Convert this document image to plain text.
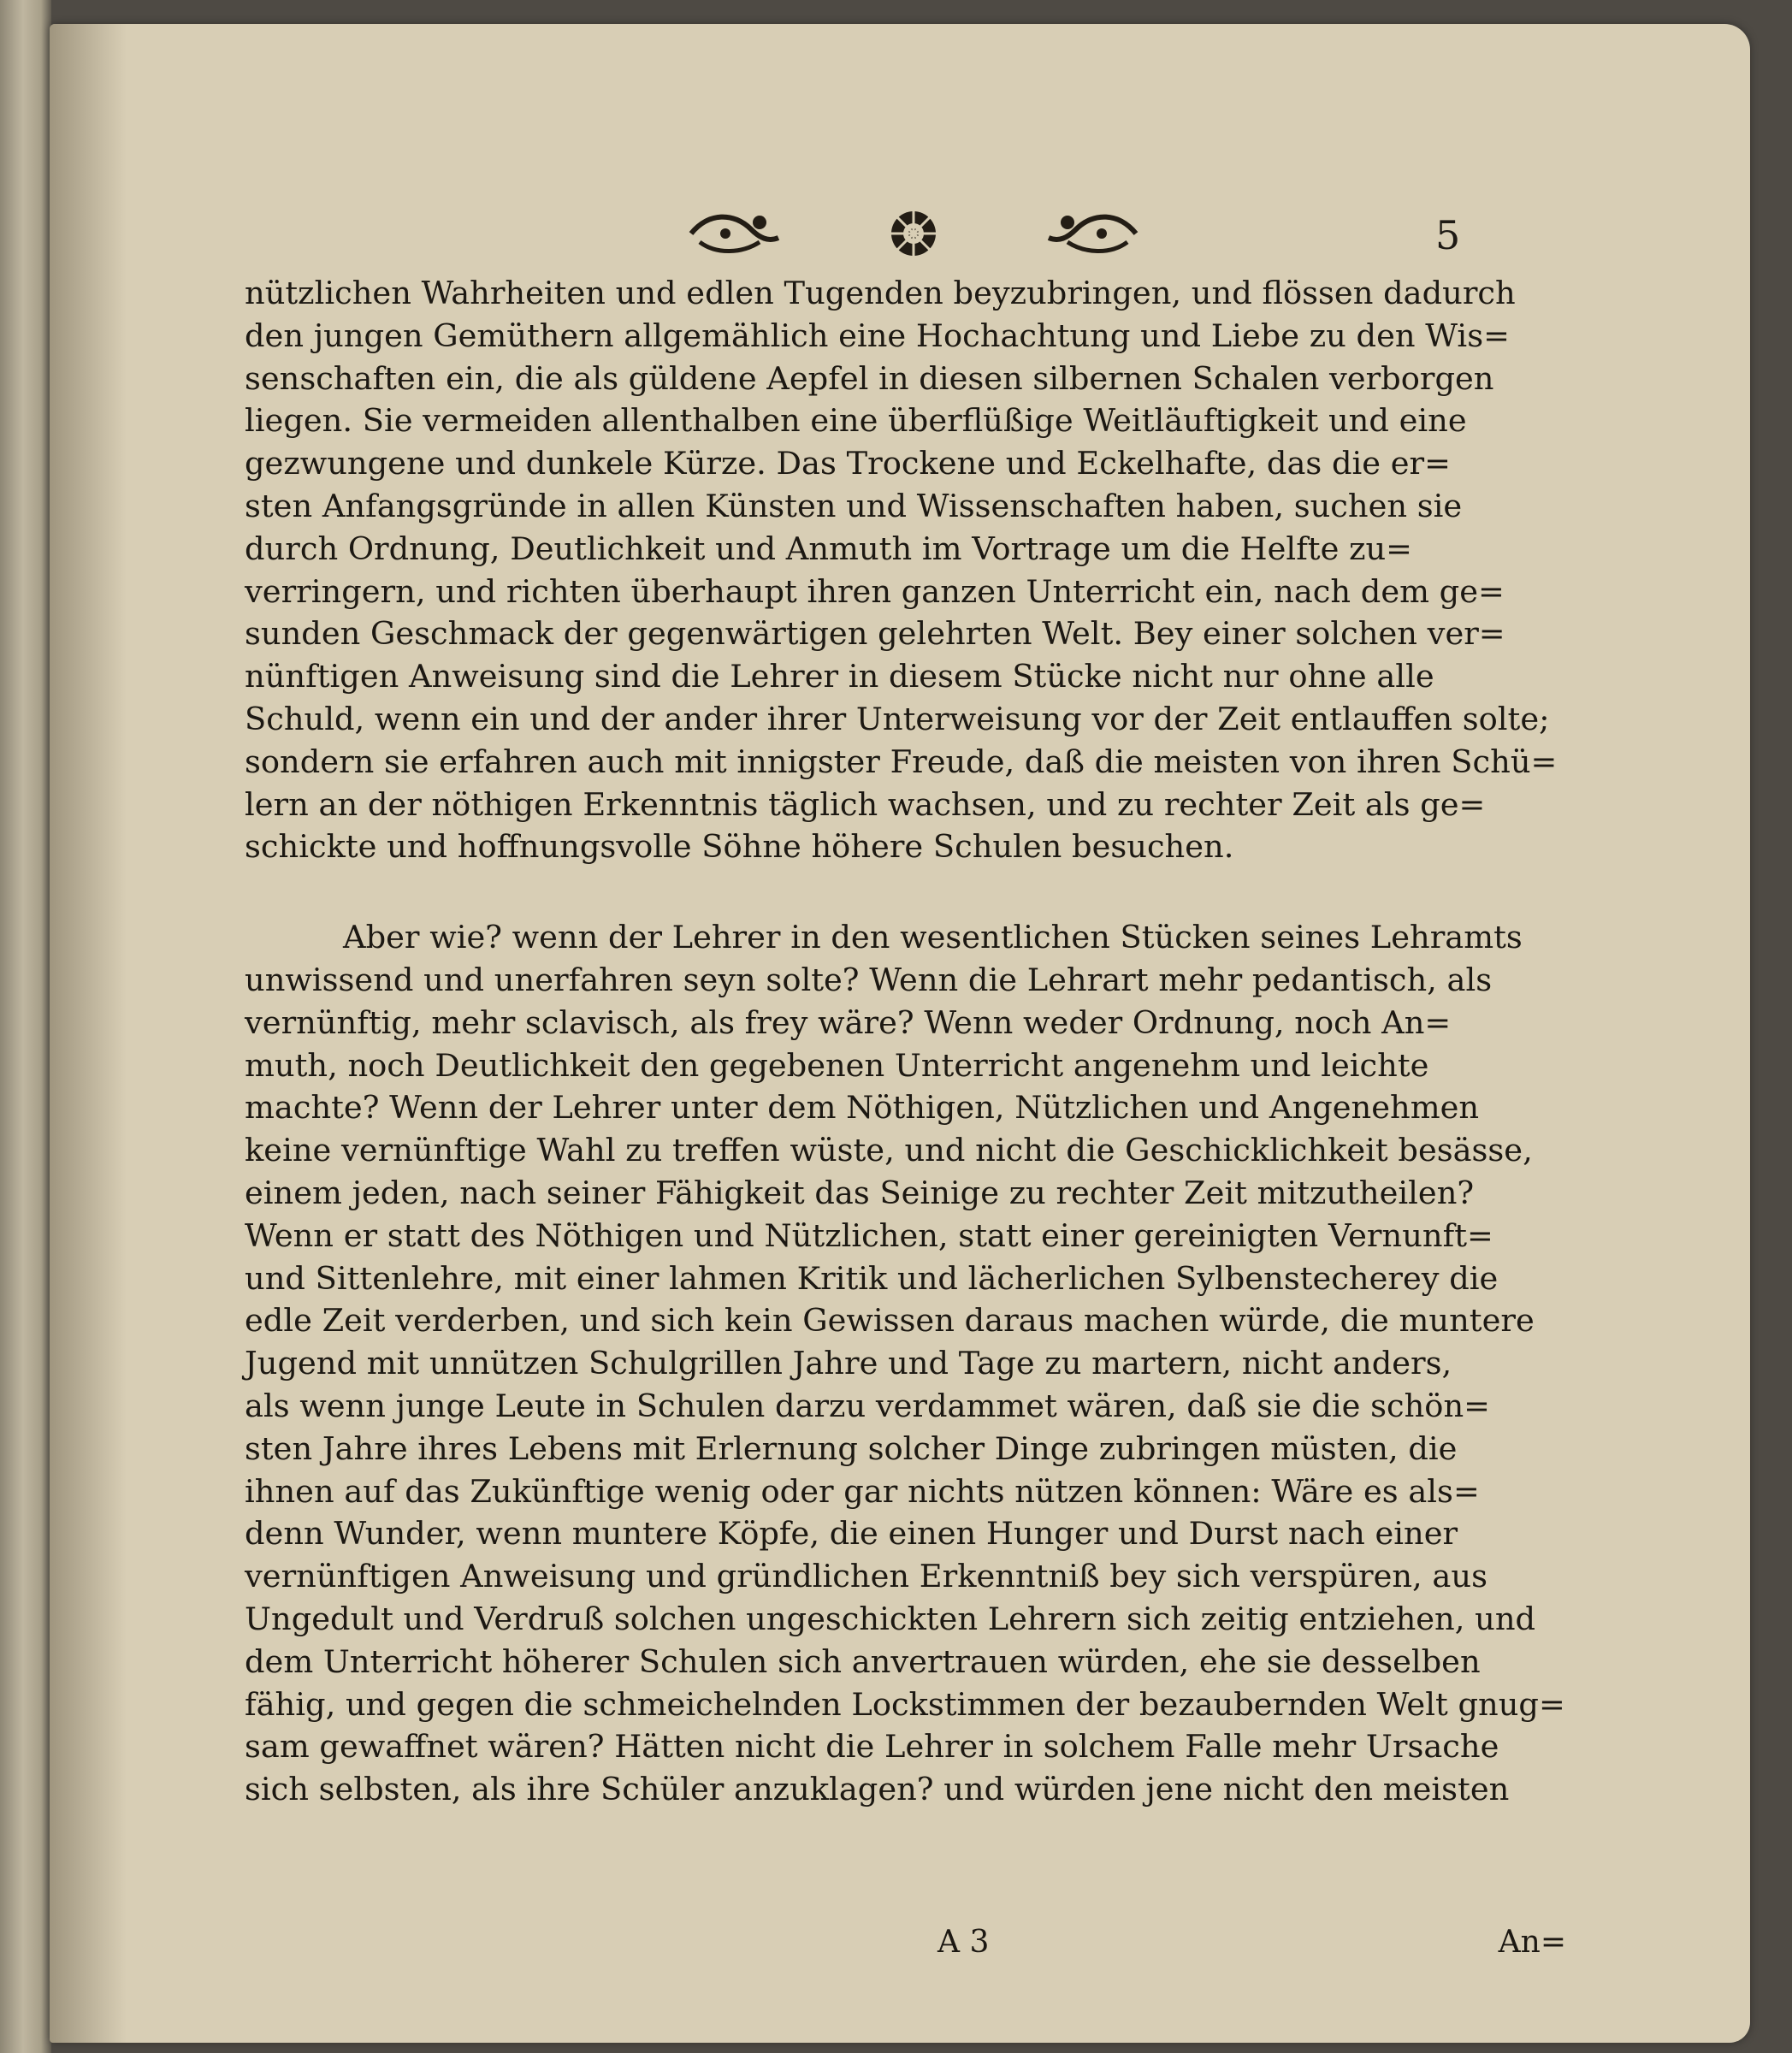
5
nützlichen Wahrheiten und edlen Tugenden beyzubringen, und flössen dadurch
den jungen Gemüthern allgemählich eine Hochachtung und Liebe zu den Wis=
senschaften ein, die als güldene Aepfel in diesen silbernen Schalen verborgen
liegen. Sie vermeiden allenthalben eine überflüßige Weitläuftigkeit und eine
gezwungene und dunkele Kürze. Das Trockene und Eckelhafte, das die er=
sten Anfangsgründe in allen Künsten und Wissenschaften haben, suchen sie
durch Ordnung, Deutlichkeit und Anmuth im Vortrage um die Helfte zu=
verringern, und richten überhaupt ihren ganzen Unterricht ein, nach dem ge=
sunden Geschmack der gegenwärtigen gelehrten Welt. Bey einer solchen ver=
nünftigen Anweisung sind die Lehrer in diesem Stücke nicht nur ohne alle
Schuld, wenn ein und der ander ihrer Unterweisung vor der Zeit entlauffen solte;
sondern sie erfahren auch mit innigster Freude, daß die meisten von ihren Schü=
lern an der nöthigen Erkenntnis täglich wachsen, und zu rechter Zeit als ge=
schickte und hoffnungsvolle Söhne höhere Schulen besuchen.
Aber wie? wenn der Lehrer in den wesentlichen Stücken seines Lehramts
unwissend und unerfahren seyn solte? Wenn die Lehrart mehr pedantisch, als
vernünftig, mehr sclavisch, als frey wäre? Wenn weder Ordnung, noch An=
muth, noch Deutlichkeit den gegebenen Unterricht angenehm und leichte
machte? Wenn der Lehrer unter dem Nöthigen, Nützlichen und Angenehmen
keine vernünftige Wahl zu treffen wüste, und nicht die Geschicklichkeit besässe,
einem jeden, nach seiner Fähigkeit das Seinige zu rechter Zeit mitzutheilen?
Wenn er statt des Nöthigen und Nützlichen, statt einer gereinigten Vernunft=
und Sittenlehre, mit einer lahmen Kritik und lächerlichen Sylbenstecherey die
edle Zeit verderben, und sich kein Gewissen daraus machen würde, die muntere
Jugend mit unnützen Schulgrillen Jahre und Tage zu martern, nicht anders,
als wenn junge Leute in Schulen darzu verdammet wären, daß sie die schön=
sten Jahre ihres Lebens mit Erlernung solcher Dinge zubringen müsten, die
ihnen auf das Zukünftige wenig oder gar nichts nützen können: Wäre es als=
denn Wunder, wenn muntere Köpfe, die einen Hunger und Durst nach einer
vernünftigen Anweisung und gründlichen Erkenntniß bey sich verspüren, aus
Ungedult und Verdruß solchen ungeschickten Lehrern sich zeitig entziehen, und
dem Unterricht höherer Schulen sich anvertrauen würden, ehe sie desselben
fähig, und gegen die schmeichelnden Lockstimmen der bezaubernden Welt gnug=
sam gewaffnet wären? Hätten nicht die Lehrer in solchem Falle mehr Ursache
sich selbsten, als ihre Schüler anzuklagen? und würden jene nicht den meisten
A 3	An=
